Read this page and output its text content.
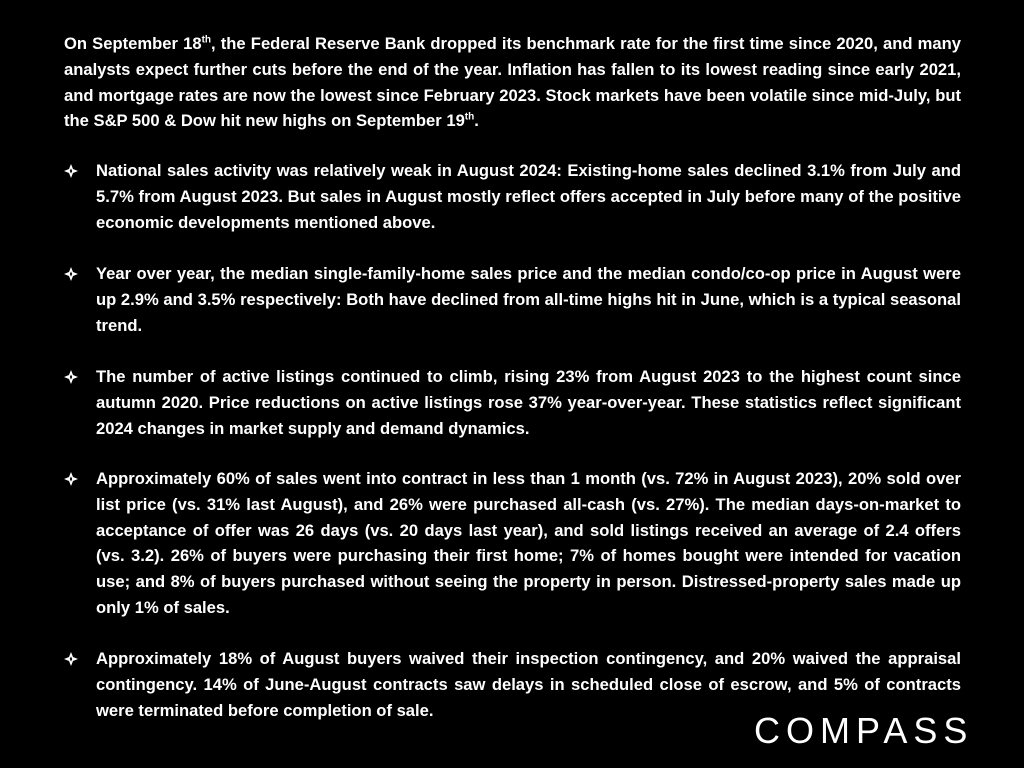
On September 18th, the Federal Reserve Bank dropped its benchmark rate for the first time since 2020, and many analysts expect further cuts before the end of the year. Inflation has fallen to its lowest reading since early 2021, and mortgage rates are now the lowest since February 2023. Stock markets have been volatile since mid-July, but the S&P 500 & Dow hit new highs on September 19th.

National sales activity was relatively weak in August 2024: Existing-home sales declined 3.1% from July and 5.7% from August 2023. But sales in August mostly reflect offers accepted in July before many of the positive economic developments mentioned above.

Year over year, the median single-family-home sales price and the median condo/co-op price in August were up 2.9% and 3.5% respectively: Both have declined from all-time highs hit in June, which is a typical seasonal trend.

The number of active listings continued to climb, rising 23% from August 2023 to the highest count since autumn 2020. Price reductions on active listings rose 37% year-over-year. These statistics reflect significant 2024 changes in market supply and demand dynamics.

Approximately 60% of sales went into contract in less than 1 month (vs. 72% in August 2023), 20% sold over list price (vs. 31% last August), and 26% were purchased all-cash (vs. 27%). The median days-on-market to acceptance of offer was 26 days (vs. 20 days last year), and sold listings received an average of 2.4 offers (vs. 3.2). 26% of buyers were purchasing their first home; 7% of homes bought were intended for vacation use; and 8% of buyers purchased without seeing the property in person. Distressed-property sales made up only 1% of sales.

Approximately 18% of August buyers waived their inspection contingency, and 20% waived the appraisal contingency. 14% of June-August contracts saw delays in scheduled close of escrow, and 5% of contracts were terminated before completion of sale.	COMPASS
